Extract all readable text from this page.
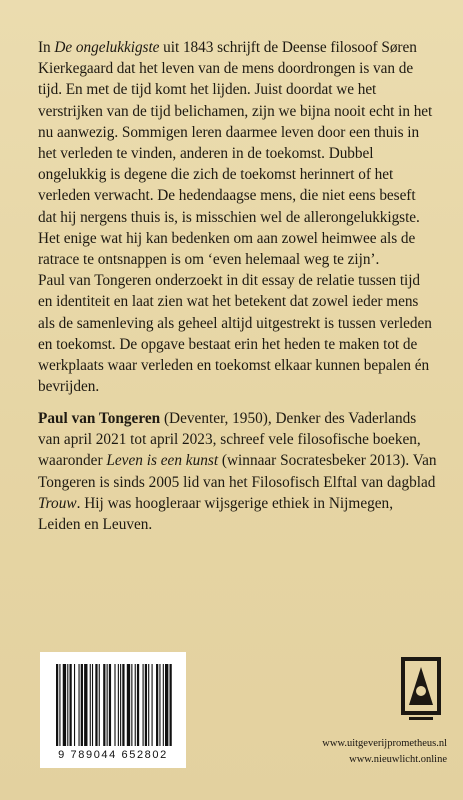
In De ongelukkigste uit 1843 schrijft de Deense filosoof Søren Kierkegaard dat het leven van de mens doordrongen is van de tijd. En met de tijd komt het lijden. Juist doordat we het verstrijken van de tijd belichamen, zijn we bijna nooit echt in het nu aanwezig. Sommigen leren daarmee leven door een thuis in het verleden te vinden, anderen in de toekomst. Dubbel ongelukkig is degene die zich de toekomst herinnert of het verleden verwacht. De hedendaagse mens, die niet eens beseft dat hij nergens thuis is, is misschien wel de allerongelukkigste. Het enige wat hij kan bedenken om aan zowel heimwee als de ratrace te ontsnappen is om ‘even helemaal weg te zijn’.

Paul van Tongeren onderzoekt in dit essay de relatie tussen tijd en identiteit en laat zien wat het betekent dat zowel ieder mens als de samenleving als geheel altijd uitgestrekt is tussen verleden en toekomst. De opgave bestaat erin het heden te maken tot de werkplaats waar verleden en toekomst elkaar kunnen bepalen én bevrijden.

Paul van Tongeren (Deventer, 1950), Denker des Vaderlands van april 2021 tot april 2023, schreef vele filosofische boeken, waaronder Leven is een kunst (winnaar Socratesbeker 2013). Van Tongeren is sinds 2005 lid van het Filosofisch Elftal van dagblad Trouw. Hij was hoogleraar wijsgerige ethiek in Nijmegen, Leiden en Leuven.

9 789044 652802
www.uitgeverijprometheus.nl
www.nieuwlicht.online
